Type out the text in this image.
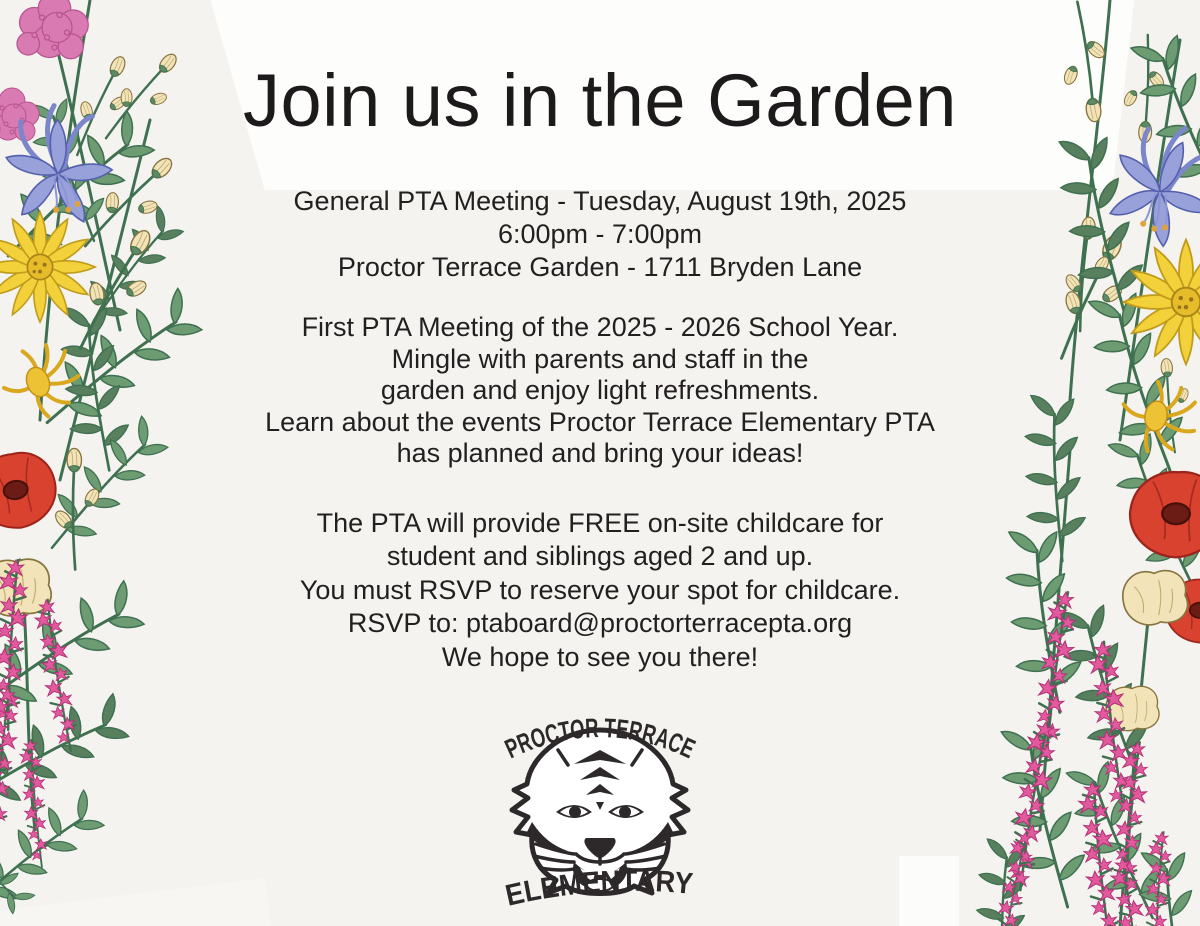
Join us in the Garden
General PTA Meeting - Tuesday, August 19th, 2025
6:00pm - 7:00pm
Proctor Terrace Garden - 1711 Bryden Lane
First PTA Meeting of the 2025 - 2026 School Year.
Mingle with parents and staff in the
garden and enjoy light refreshments.
Learn about the events Proctor Terrace Elementary PTA
has planned and bring your ideas!
The PTA will provide FREE on-site childcare for
student and siblings aged 2 and up.
You must RSVP to reserve your spot for childcare.
RSVP to: ptaboard@proctorterracepta.org
We hope to see you there!
PROCTOR TERRACE
ELEMENTARY
